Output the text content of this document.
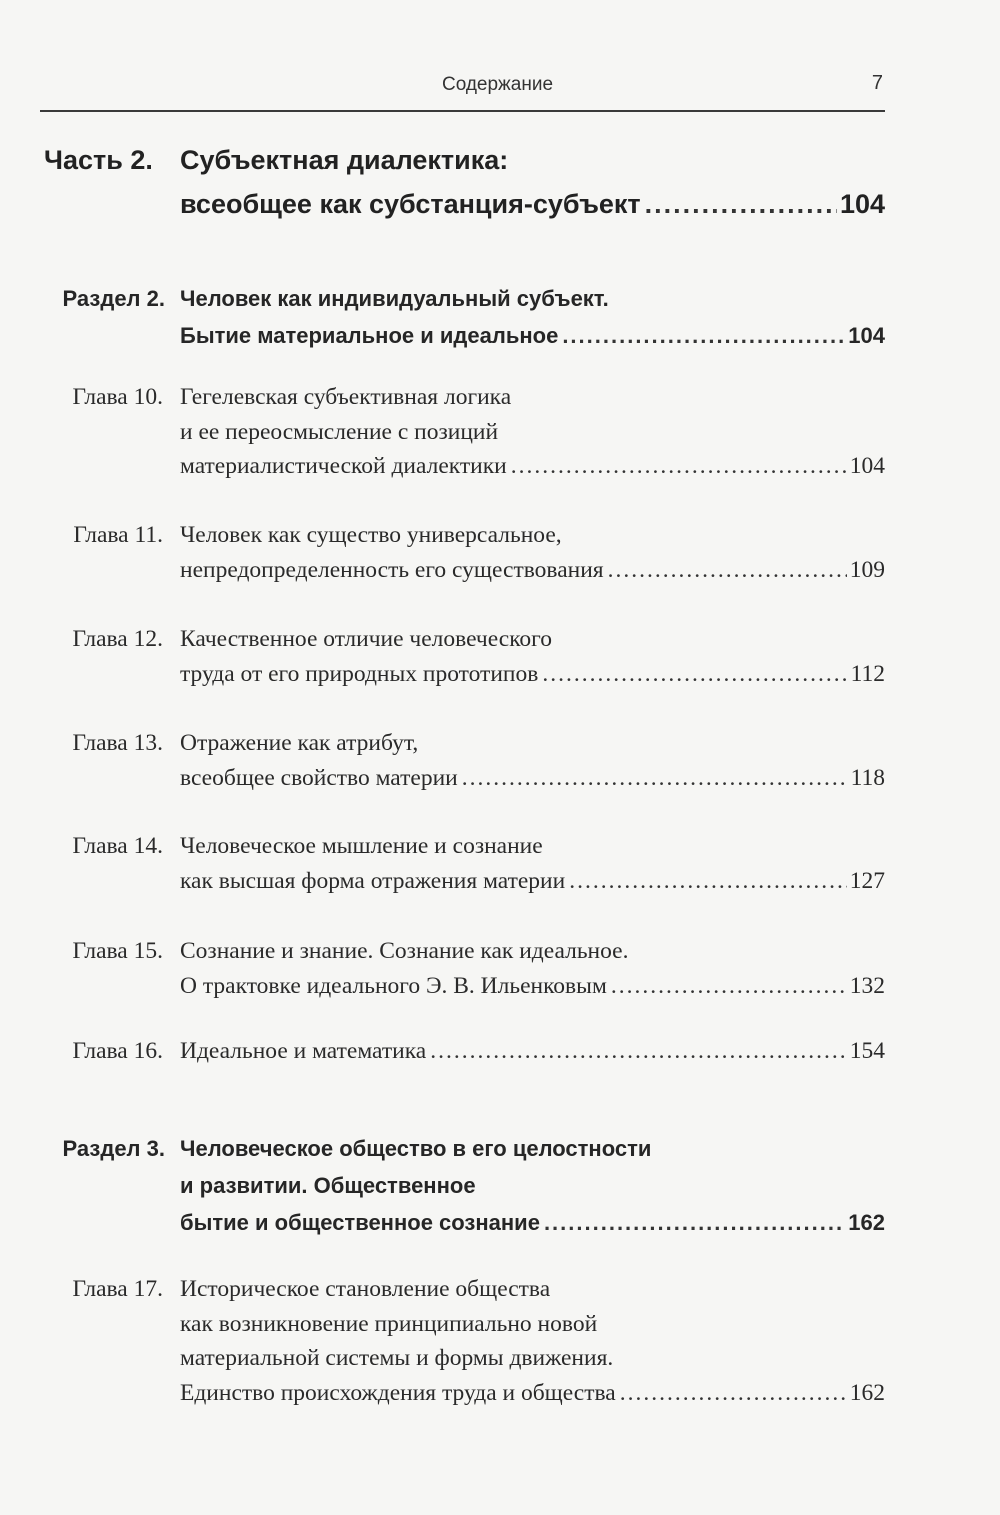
Содержание	7
Часть 2.	Субъектная диалектика:
всеобщее как субстанция-субъект .....	104
Раздел 2. Человек как индивидуальный субъект.
Бытие материальное и идеальное .....	104
Глава 10. Гегелевская субъективная логика
и ее переосмысление с позиций
материалистической диалектики .....	104
Глава 11. Человек как существо универсальное,
непредопределенность его существования .....	109
Глава 12. Качественное отличие человеческого
труда от его природных прототипов .....	112
Глава 13. Отражение как атрибут,
всеобщее свойство материи .....	118
Глава 14. Человеческое мышление и сознание
как высшая форма отражения материи .....	127
Глава 15. Сознание и знание. Сознание как идеальное.
О трактовке идеального Э. В. Ильенковым .....	132
Глава 16. Идеальное и математика .....	154
Раздел 3. Человеческое общество в его целостности
и развитии. Общественное
бытие и общественное сознание .....	162
Глава 17. Историческое становление общества
как возникновение принципиально новой
материальной системы и формы движения.
Единство происхождения труда и общества .....	162
